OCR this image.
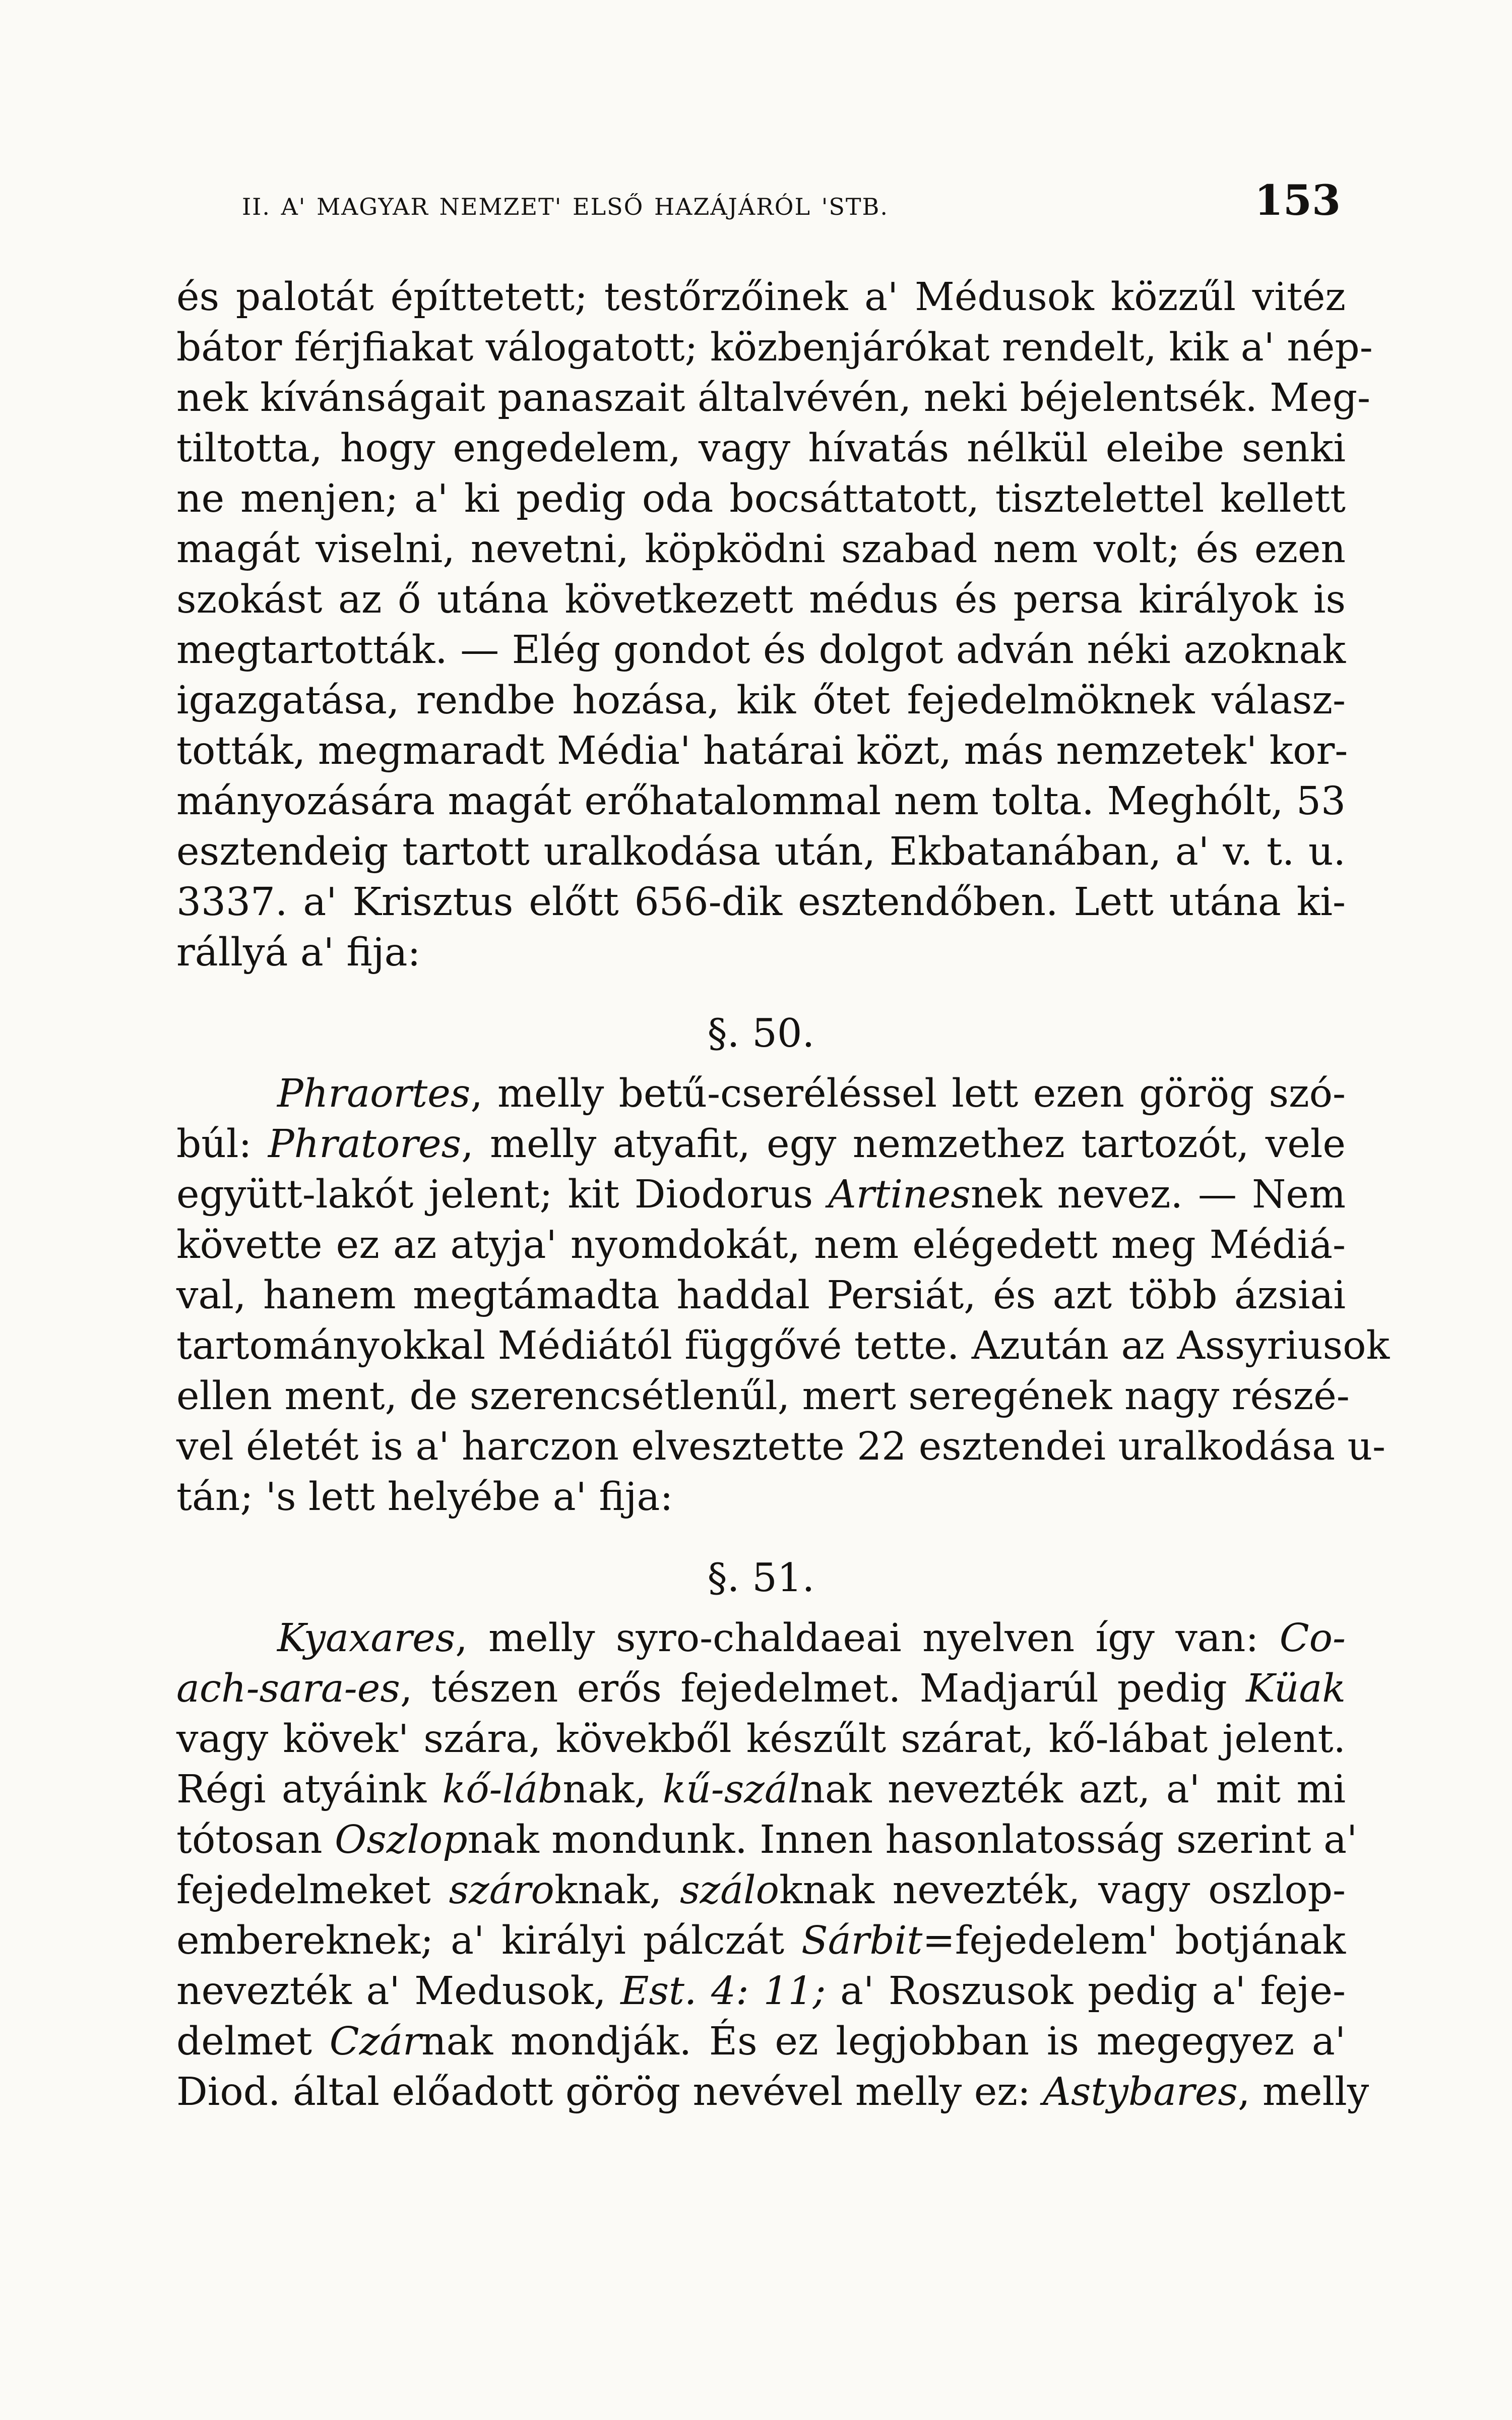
II. A' MAGYAR NEMZET' ELSŐ HAZÁJÁRÓL 'STB.	153
és palotát építtetett; testőrzőinek a' Médusok közzűl vitéz
bátor férjfiakat válogatott; közbenjárókat rendelt, kik a' nép-
nek kívánságait panaszait általvévén, neki béjelentsék. Meg-
tiltotta, hogy engedelem, vagy hívatás nélkül eleibe senki
ne menjen; a' ki pedig oda bocsáttatott, tisztelettel kellett
magát viselni, nevetni, köpködni szabad nem volt; és ezen
szokást az ő utána következett médus és persa királyok is
megtartották. — Elég gondot és dolgot adván néki azoknak
igazgatása, rendbe hozása, kik őtet fejedelmöknek válasz-
tották, megmaradt Média' határai közt, más nemzetek' kor-
mányozására magát erőhatalommal nem tolta. Meghólt, 53
esztendeig tartott uralkodása után, Ekbatanában, a' v. t. u.
3337. a' Krisztus előtt 656-dik esztendőben. Lett utána ki-
rállyá a' fija:
§. 50.
Phraortes, melly betű-cseréléssel lett ezen görög szó-
búl: Phratores, melly atyafit, egy nemzethez tartozót, vele
együtt-lakót jelent; kit Diodorus Artinesnek nevez. — Nem
követte ez az atyja' nyomdokát, nem elégedett meg Médiá-
val, hanem megtámadta haddal Persiát, és azt több ázsiai
tartományokkal Médiától függővé tette. Azután az Assyriusok
ellen ment, de szerencsétlenűl, mert seregének nagy részé-
vel életét is a' harczon elvesztette 22 esztendei uralkodása u-
tán; 's lett helyébe a' fija:
§. 51.
Kyaxares, melly syro-chaldaeai nyelven így van: Co-
ach-sara-es, tészen erős fejedelmet. Madjarúl pedig Küak
vagy kövek' szára, kövekből készűlt szárat, kő-lábat jelent.
Régi atyáink kő-lábnak, kű-szálnak nevezték azt, a' mit mi
tótosan Oszlopnak mondunk. Innen hasonlatosság szerint a'
fejedelmeket szároknak, száloknak nevezték, vagy oszlop-
embereknek; a' királyi pálczát Sárbit=fejedelem' botjának
nevezték a' Medusok, Est. 4: 11; a' Roszusok pedig a' feje-
delmet Czárnak mondják. És ez legjobban is megegyez a'
Diod. által előadott görög nevével melly ez: Astybares, melly
